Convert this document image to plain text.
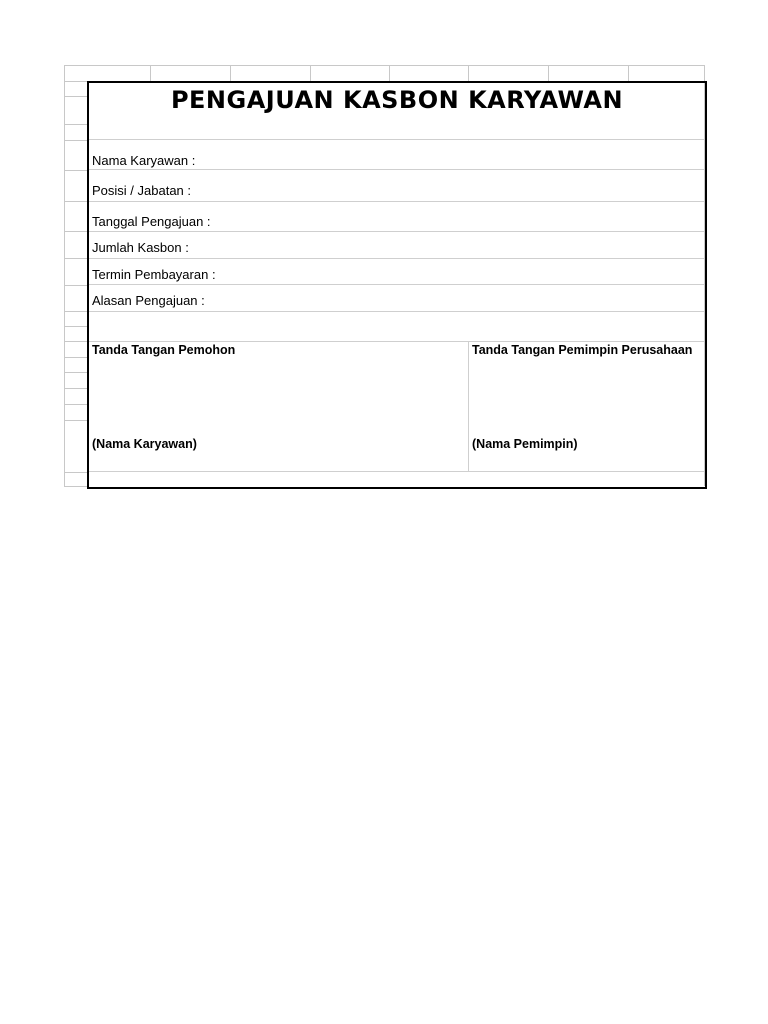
PENGAJUAN KASBON KARYAWAN
Nama Karyawan :
Posisi / Jabatan :
Tanggal Pengajuan :
Jumlah Kasbon :
Termin Pembayaran :
Alasan Pengajuan :
Tanda Tangan Pemohon	Tanda Tangan Pemimpin Perusahaan
(Nama Karyawan)	(Nama Pemimpin)
